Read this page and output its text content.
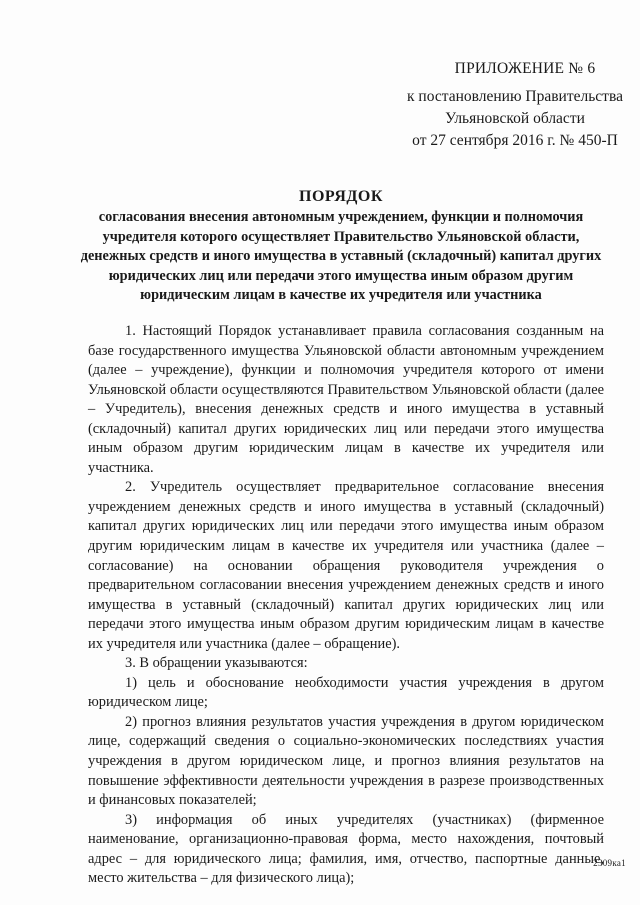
ПРИЛОЖЕНИЕ № 6
к постановлению Правительства
Ульяновской области
от 27 сентября 2016 г. № 450-П
ПОРЯДОК
согласования внесения автономным учреждением, функции и полномочия учредителя которого осуществляет Правительство Ульяновской области, денежных средств и иного имущества в уставный (складочный) капитал других юридических лиц или передачи этого имущества иным образом другим юридическим лицам в качестве их учредителя или участника

1. Настоящий Порядок устанавливает правила согласования созданным на базе государственного имущества Ульяновской области автономным учреждением (далее – учреждение), функции и полномочия учредителя которого от имени Ульяновской области осуществляются Правительством Ульяновской области (далее – Учредитель), внесения денежных средств и иного имущества в уставный (складочный) капитал других юридических лиц или передачи этого имущества иным образом другим юридическим лицам в качестве их учредителя или участника.

2. Учредитель осуществляет предварительное согласование внесения учреждением денежных средств и иного имущества в уставный (складочный) капитал других юридических лиц или передачи этого имущества иным образом другим юридическим лицам в качестве их учредителя или участника (далее – согласование) на основании обращения руководителя учреждения о предварительном согласовании внесения учреждением денежных средств и иного имущества в уставный (складочный) капитал других юридических лиц или передачи этого имущества иным образом другим юридическим лицам в качестве их учредителя или участника (далее – обращение).

3. В обращении указываются:

1) цель и обоснование необходимости участия учреждения в другом юридическом лице;

2) прогноз влияния результатов участия учреждения в другом юридическом лице, содержащий сведения о социально-экономических последствиях участия учреждения в другом юридическом лице, и прогноз влияния результатов на повышение эффективности деятельности учреждения в разрезе производственных и финансовых показателей;

3) информация об иных учредителях (участниках) (фирменное наименование, организационно-правовая форма, место нахождения, почтовый адрес – для юридического лица; фамилия, имя, отчество, паспортные данные, место жительства – для физического лица);

2309ка1
